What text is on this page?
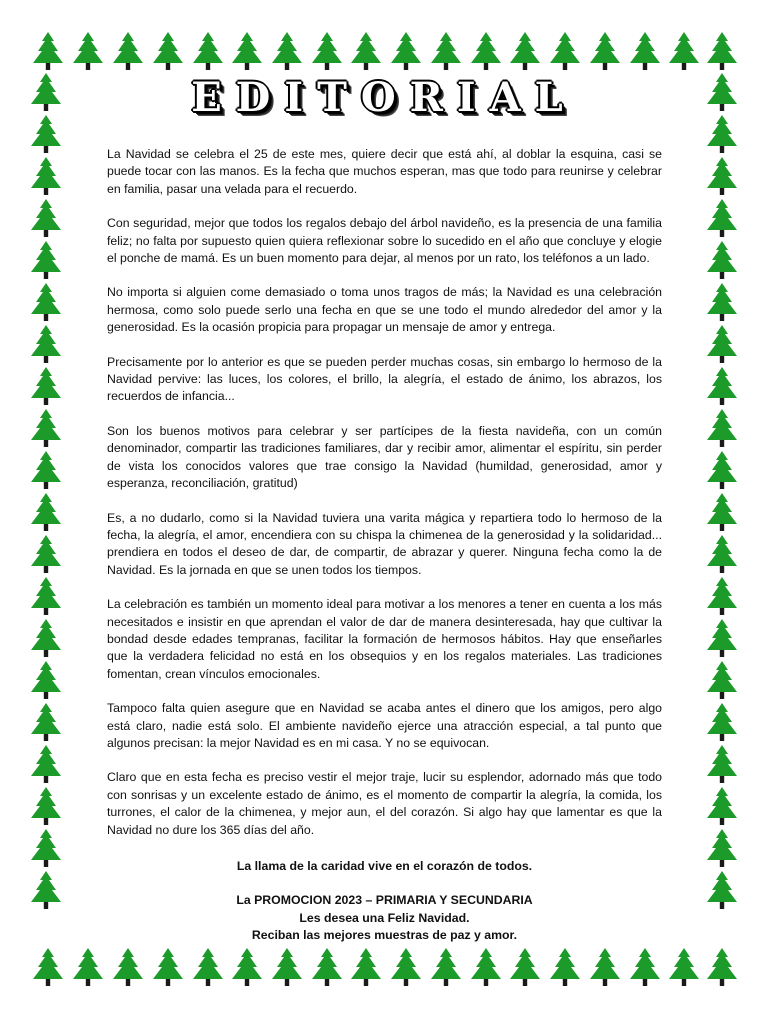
EDITORIAL

La Navidad se celebra el 25 de este mes, quiere decir que está ahí, al doblar la esquina, casi se puede tocar con las manos. Es la fecha que muchos esperan, mas que todo para reunirse y celebrar en familia, pasar una velada para el recuerdo.

Con seguridad, mejor que todos los regalos debajo del árbol navideño, es la presencia de una familia feliz; no falta por supuesto quien quiera reflexionar sobre lo sucedido en el año que concluye y elogie el ponche de mamá. Es un buen momento para dejar, al menos por un rato, los teléfonos a un lado.

No importa si alguien come demasiado o toma unos tragos de más; la Navidad es una celebración hermosa, como solo puede serlo una fecha en que se une todo el mundo alrededor del amor y la generosidad. Es la ocasión propicia para propagar un mensaje de amor y entrega.

Precisamente por lo anterior es que se pueden perder muchas cosas, sin embargo lo hermoso de la Navidad pervive: las luces, los colores, el brillo, la alegría, el estado de ánimo, los abrazos, los recuerdos de infancia...

Son los buenos motivos para celebrar y ser partícipes de la fiesta navideña, con un común denominador, compartir las tradiciones familiares, dar y recibir amor, alimentar el espíritu, sin perder de vista los conocidos valores que trae consigo la Navidad (humildad, generosidad, amor y esperanza, reconciliación, gratitud)

Es, a no dudarlo, como si la Navidad tuviera una varita mágica y repartiera todo lo hermoso de la fecha, la alegría, el amor, encendiera con su chispa la chimenea de la generosidad y la solidaridad... prendiera en todos el deseo de dar, de compartir, de abrazar y querer. Ninguna fecha como la de Navidad. Es la jornada en que se unen todos los tiempos.

La celebración es también un momento ideal para motivar a los menores a tener en cuenta a los más necesitados e insistir en que aprendan el valor de dar de manera desinteresada, hay que cultivar la bondad desde edades tempranas, facilitar la formación de hermosos hábitos. Hay que enseñarles que la verdadera felicidad no está en los obsequios y en los regalos materiales. Las tradiciones fomentan, crean vínculos emocionales.

Tampoco falta quien asegure que en Navidad se acaba antes el dinero que los amigos, pero algo está claro, nadie está solo. El ambiente navideño ejerce una atracción especial, a tal punto que algunos precisan: la mejor Navidad es en mi casa. Y no se equivocan.

Claro que en esta fecha es preciso vestir el mejor traje, lucir su esplendor, adornado más que todo con sonrisas y un excelente estado de ánimo, es el momento de compartir la alegría, la comida, los turrones, el calor de la chimenea, y mejor aun, el del corazón. Si algo hay que lamentar es que la Navidad no dure los 365 días del año.

La llama de la caridad vive en el corazón de todos.
La PROMOCION 2023 – PRIMARIA Y SECUNDARIA
Les desea una Feliz Navidad.
Reciban las mejores muestras de paz y amor.
